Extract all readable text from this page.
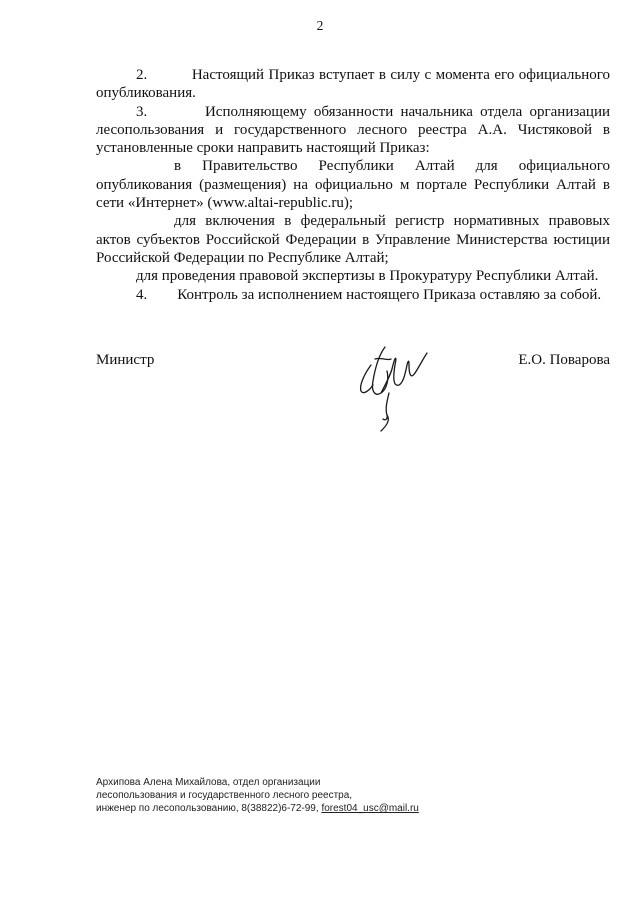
2

2.	Настоящий Приказ вступает в силу с момента его официального опубликования.

3.	Исполняющему обязанности начальника отдела организации лесопользования и государственного лесного реестра А.А. Чистяковой в установленные сроки направить настоящий Приказ:

в Правительство Республики Алтай для официального опубликования (размещения) на официально м портале Республики Алтай в сети «Интернет» (www.altai-republic.ru);

для включения в федеральный регистр нормативных правовых актов субъектов Российской Федерации в Управление Министерства юстиции Российской Федерации по Республике Алтай;

для проведения правовой экспертизы в Прокуратуру Республики Алтай.

4. Контроль за исполнением настоящего Приказа оставляю за собой.

Министр	Е.О. Поварова
Архипова Алена Михайлова, отдел организации
лесопользования и государственного лесного реестра,
инженер по лесопользованию, 8(38822)6-72-99, forest04_usc@mail.ru
